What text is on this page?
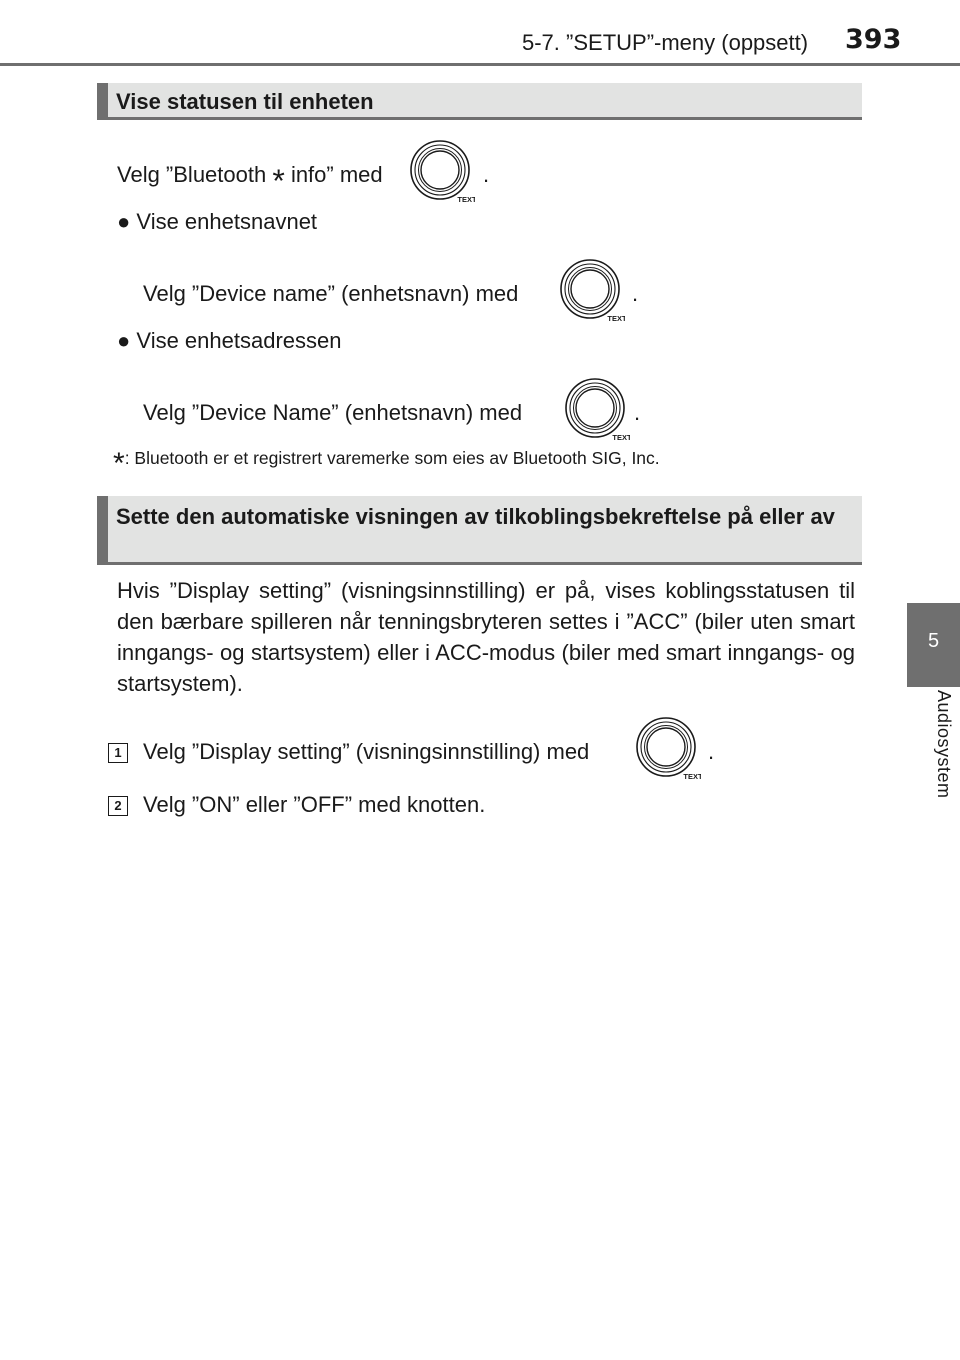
5-7. ”SETUP”-meny (oppsett) 393
5
Audiosystem
Vise statusen til enheten
Velg ”Bluetooth * info” med
TEXT
.
● Vise enhetsnavnet
Velg ”Device name” (enhetsnavn) med
TEXT
.
● Vise enhetsadressen
Velg ”Device Name” (enhetsnavn) med
TEXT
.
*: Bluetooth er et registrert varemerke som eies av Bluetooth SIG, Inc.
Sette den automatiske visningen av tilkoblingsbekreftelse på eller av
Hvis ”Display setting” (visningsinnstilling) er på, vises koblingsstatusen til den bærbare spilleren når tenningsbryteren settes i ”ACC” (biler uten smart inngangs- og startsystem) eller i ACC-modus (biler med smart inngangs- og startsystem).
1 Velg ”Display setting” (visningsinnstilling) med
TEXT
.
2 Velg ”ON” eller ”OFF” med knotten.
